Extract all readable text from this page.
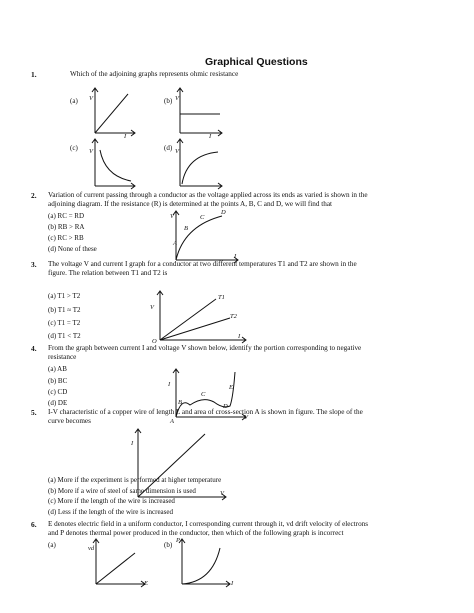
Graphical Questions
1.	Which of the adjoining graphs represents ohmic resistance
(a)	(b)
(c)	(d)
V
I
V
I
V	V
2. Variation of current passing through a conductor as the voltage applied across its ends as varied is shown in the
adjoining diagram. If the resistance (R) is determined at the points A, B, C and D, we will find that
(a) RC = RD
(b) RB > RA
(c) RC > RB
(d) None of these
V
I
A
B
C
D
3. The voltage V and current I graph for a conductor at two different temperatures T1 and T2 are shown in the
figure. The relation between T1 and T2 is
(a) T1 > T2
(b) T1 ≈ T2
(c) T1 = T2
(d) T1 < T2
V
I
T1
T2
O
4. From the graph between current I and voltage V shown below, identify the portion corresponding to negative
resistance
(a) AB
(b) BC
(c) CD
(d) DE
I
V
A
B
C
D
E
5. I-V characteristic of a copper wire of length L and area of cross-section A is shown in figure. The slope of the
curve becomes
I
V
(a) More if the experiment is performed at higher temperature
(b) More if a wire of steel of same dimension is used
(c) More if the length of the wire is increased
(d) Less if the length of the wire is increased
6. E denotes electric field in a uniform conductor, I corresponding current through it, vd drift velocity of electrons
and P denotes thermal power produced in the conductor, then which of the following graph is incorrect
(a)	(b)
vd
E
P
I
